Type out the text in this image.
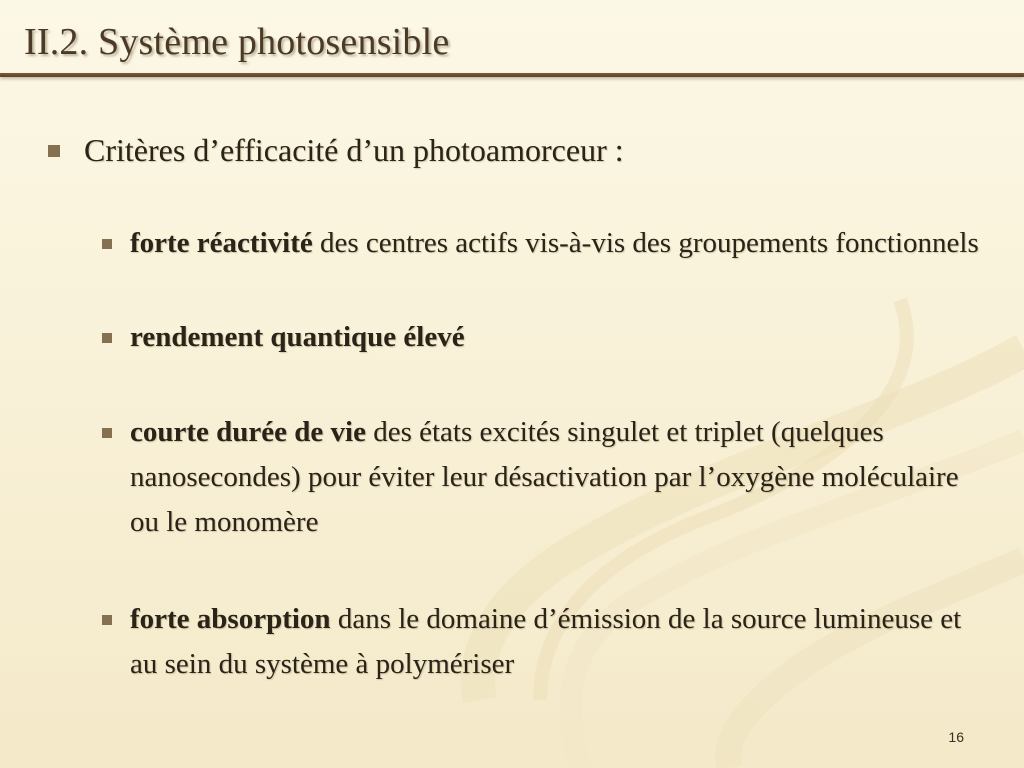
II.2. Système photosensible
Critères d’efficacité d’un photoamorceur :
forte réactivité des centres actifs vis-à-vis des groupements fonctionnels
rendement quantique élevé
courte durée de vie des états excités singulet et triplet (quelques nanosecondes) pour éviter leur désactivation par l’oxygène moléculaire ou le monomère
forte absorption dans le domaine d’émission de la source lumineuse et au sein du système à polymériser
16
